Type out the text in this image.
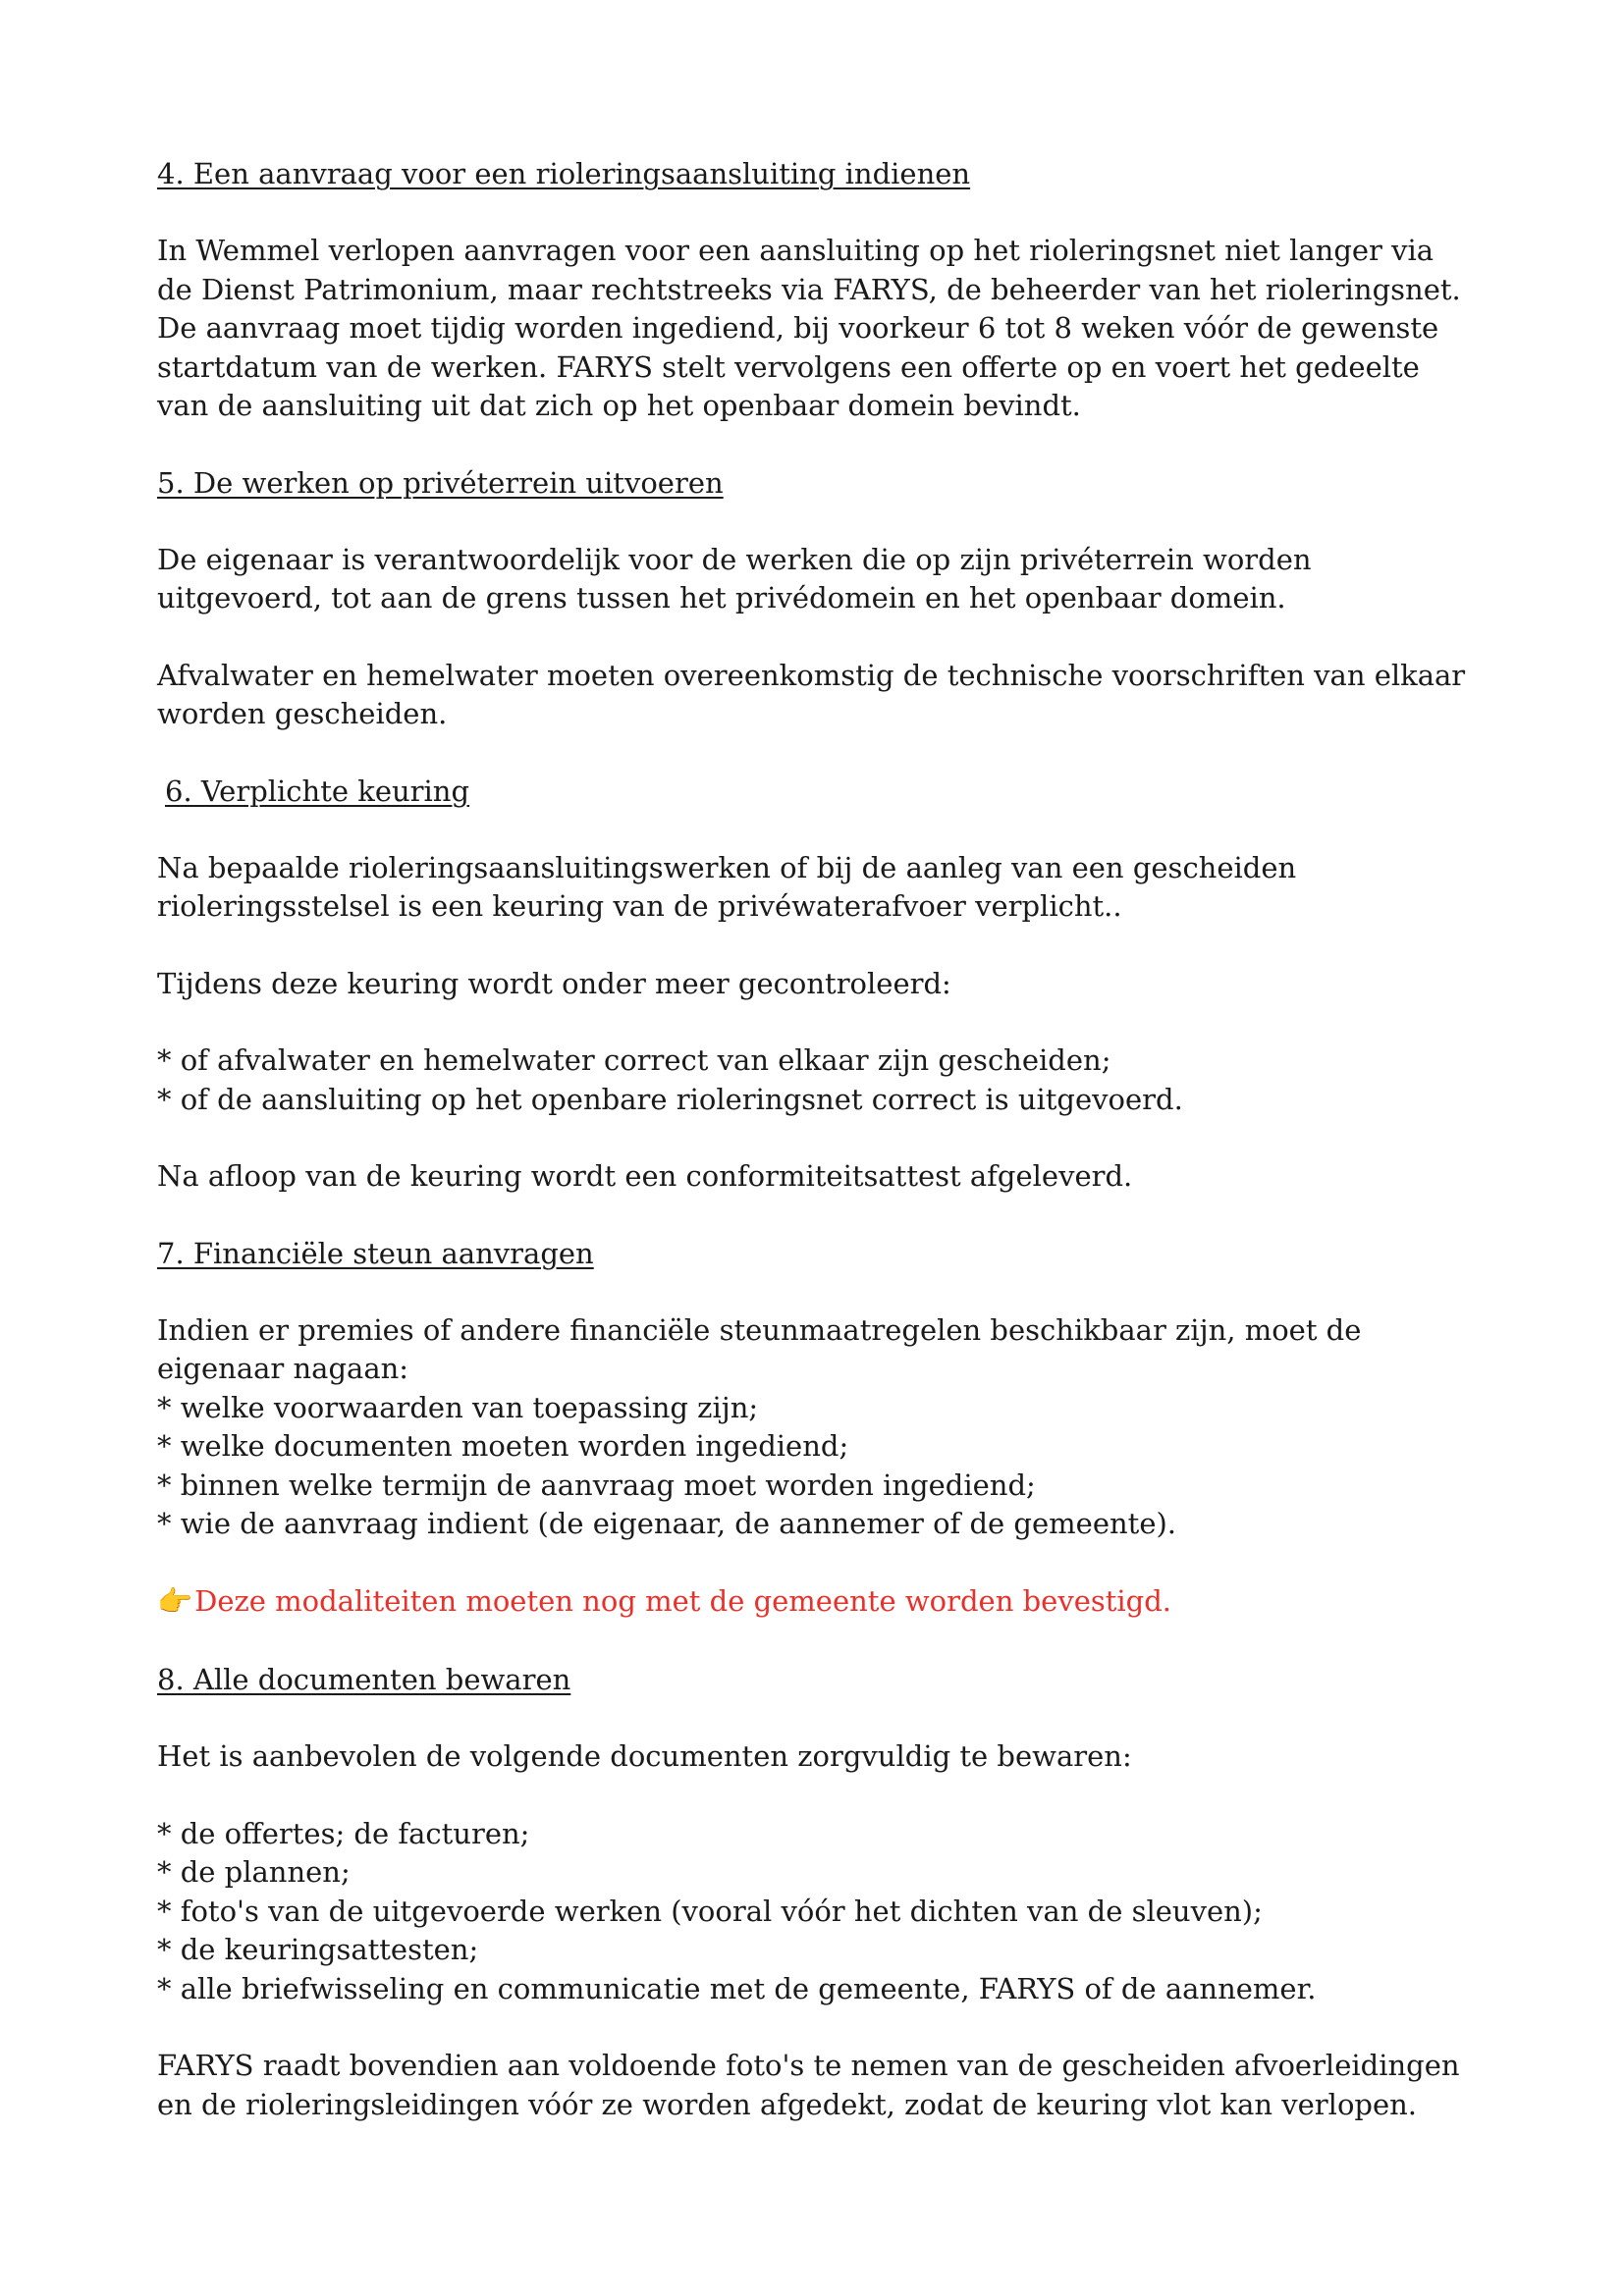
4. Een aanvraag voor een rioleringsaansluiting indienen

In Wemmel verlopen aanvragen voor een aansluiting op het rioleringsnet niet langer via de Dienst Patrimonium, maar rechtstreeks via FARYS, de beheerder van het rioleringsnet. De aanvraag moet tijdig worden ingediend, bij voorkeur 6 tot 8 weken vóór de gewenste startdatum van de werken. FARYS stelt vervolgens een offerte op en voert het gedeelte van de aansluiting uit dat zich op het openbaar domein bevindt.

5. De werken op privéterrein uitvoeren

De eigenaar is verantwoordelijk voor de werken die op zijn privéterrein worden uitgevoerd, tot aan de grens tussen het privédomein en het openbaar domein.

Afvalwater en hemelwater moeten overeenkomstig de technische voorschriften van elkaar worden gescheiden.

6. Verplichte keuring

Na bepaalde rioleringsaansluitingswerken of bij de aanleg van een gescheiden rioleringsstelsel is een keuring van de privéwaterafvoer verplicht..

Tijdens deze keuring wordt onder meer gecontroleerd:

* of afvalwater en hemelwater correct van elkaar zijn gescheiden;
* of de aansluiting op het openbare rioleringsnet correct is uitgevoerd.

Na afloop van de keuring wordt een conformiteitsattest afgeleverd.

7. Financiële steun aanvragen

Indien er premies of andere financiële steunmaatregelen beschikbaar zijn, moet de eigenaar nagaan:

* welke voorwaarden van toepassing zijn;
* welke documenten moeten worden ingediend;
* binnen welke termijn de aanvraag moet worden ingediend;
* wie de aanvraag indient (de eigenaar, de aannemer of de gemeente).

👉Deze modaliteiten moeten nog met de gemeente worden bevestigd.

8. Alle documenten bewaren

Het is aanbevolen de volgende documenten zorgvuldig te bewaren:

* de offertes; de facturen;
* de plannen;
* foto's van de uitgevoerde werken (vooral vóór het dichten van de sleuven);
* de keuringsattesten;
* alle briefwisseling en communicatie met de gemeente, FARYS of de aannemer.

FARYS raadt bovendien aan voldoende foto's te nemen van de gescheiden afvoerleidingen en de rioleringsleidingen vóór ze worden afgedekt, zodat de keuring vlot kan verlopen.
